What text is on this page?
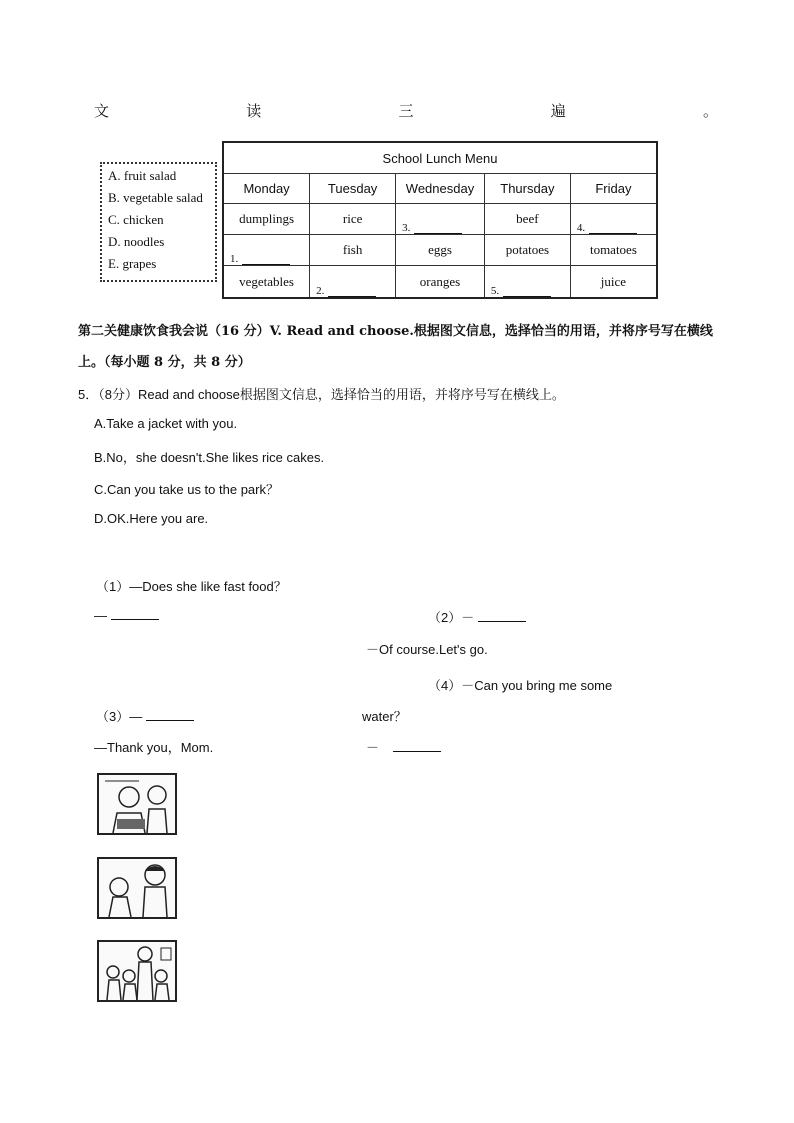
文	读	三	遍	。
A. fruit salad
B. vegetable salad
C. chicken
D. noodles
E. grapes
School Lunch Menu				
Monday	Tuesday	Wednesday	Thursday	Friday
dumplings	rice	3.	beef	4.

1.	fish	eggs	potatoes	tomatoes
vegetables	2.	oranges	5.	juice
第二关健康饮食我会说（16 分）V. Read and choose.根据图文信息，选择恰当的用语，并将序号写在横线
上。（每小题 8 分，共 8 分）
5．（8分）Read and choose根据图文信息，选择恰当的用语，并将序号写在横线上。
A.Take a jacket with you.
B.No，she doesn't.She likes rice cakes.
C.Can you take us to the park？
D.OK.Here you are.
（1）—Does she like fast food？
—	（2）－
－Of course.Let's go.
（4）－Can you bring me some
（3）—	water？
—Thank you，Mom.	－
